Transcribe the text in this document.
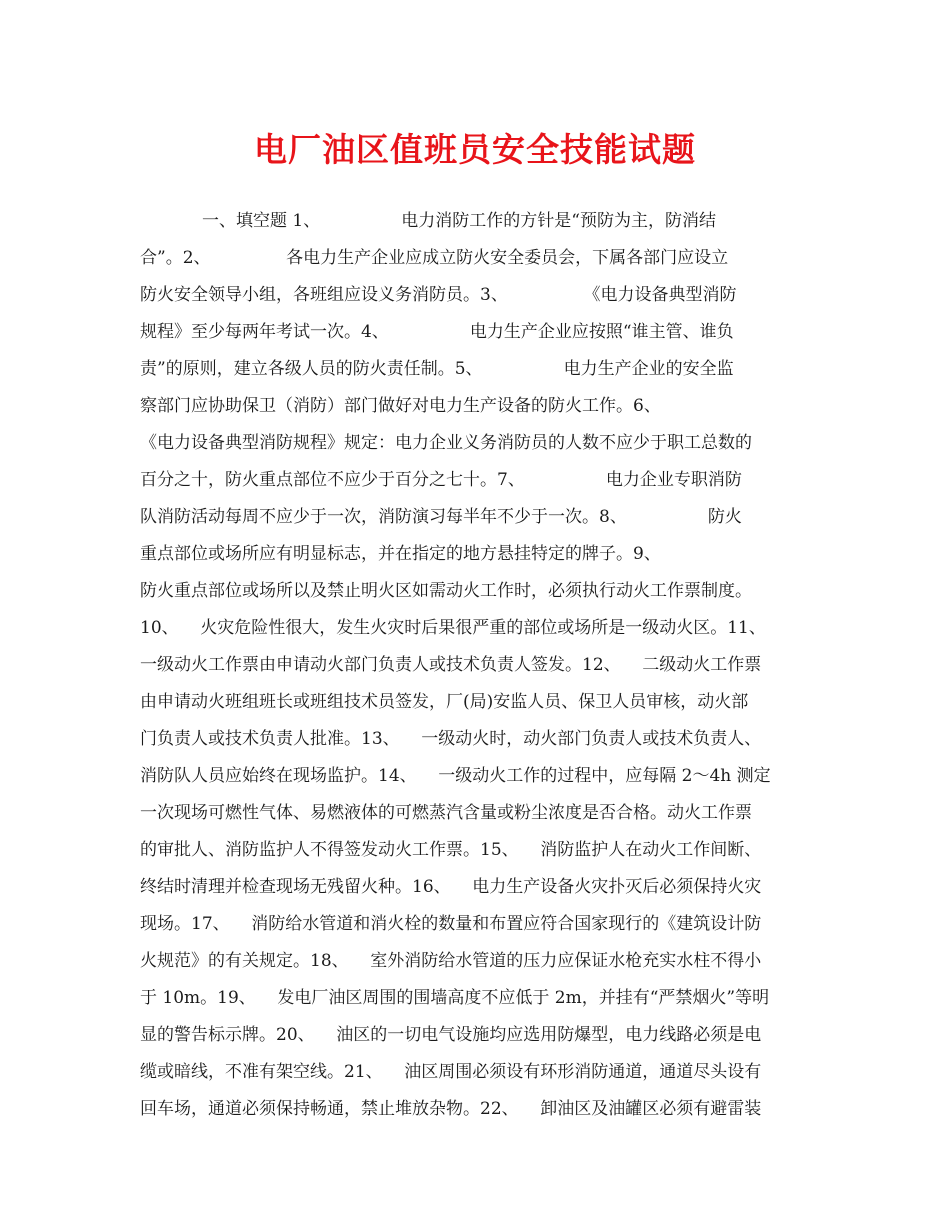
电厂油区值班员安全技能试题
一、填空题 1、               电力消防工作的方针是“预防为主，防消结
合”。2、              各电力生产企业应成立防火安全委员会，下属各部门应设立
防火安全领导小组，各班组应设义务消防员。3、              《电力设备典型消防
规程》至少每两年考试一次。4、               电力生产企业应按照“谁主管、谁负
责”的原则，建立各级人员的防火责任制。5、               电力生产企业的安全监
察部门应协助保卫（消防）部门做好对电力生产设备的防火工作。6、
《电力设备典型消防规程》规定：电力企业义务消防员的人数不应少于职工总数的
百分之十，防火重点部位不应少于百分之七十。7、               电力企业专职消防
队消防活动每周不应少于一次，消防演习每半年不少于一次。8、               防火
重点部位或场所应有明显标志，并在指定的地方悬挂特定的牌子。9、
防火重点部位或场所以及禁止明火区如需动火工作时，必须执行动火工作票制度。
10、    火灾危险性很大，发生火灾时后果很严重的部位或场所是一级动火区。11、
一级动火工作票由申请动火部门负责人或技术负责人签发。12、    二级动火工作票
由申请动火班组班长或班组技术员签发，厂(局)安监人员、保卫人员审核，动火部
门负责人或技术负责人批准。13、    一级动火时，动火部门负责人或技术负责人、
消防队人员应始终在现场监护。14、    一级动火工作的过程中，应每隔 2～4h 测定
一次现场可燃性气体、易燃液体的可燃蒸汽含量或粉尘浓度是否合格。动火工作票
的审批人、消防监护人不得签发动火工作票。15、    消防监护人在动火工作间断、
终结时清理并检查现场无残留火种。16、    电力生产设备火灾扑灭后必须保持火灾
现场。17、    消防给水管道和消火栓的数量和布置应符合国家现行的《建筑设计防
火规范》的有关规定。18、    室外消防给水管道的压力应保证水枪充实水柱不得小
于 10m。19、    发电厂油区周围的围墙高度不应低于 2m，并挂有“严禁烟火”等明
显的警告标示牌。20、    油区的一切电气设施均应选用防爆型，电力线路必须是电
缆或暗线，不准有架空线。21、    油区周围必须设有环形消防通道，通道尽头设有
回车场，通道必须保持畅通，禁止堆放杂物。22、    卸油区及油罐区必须有避雷装
